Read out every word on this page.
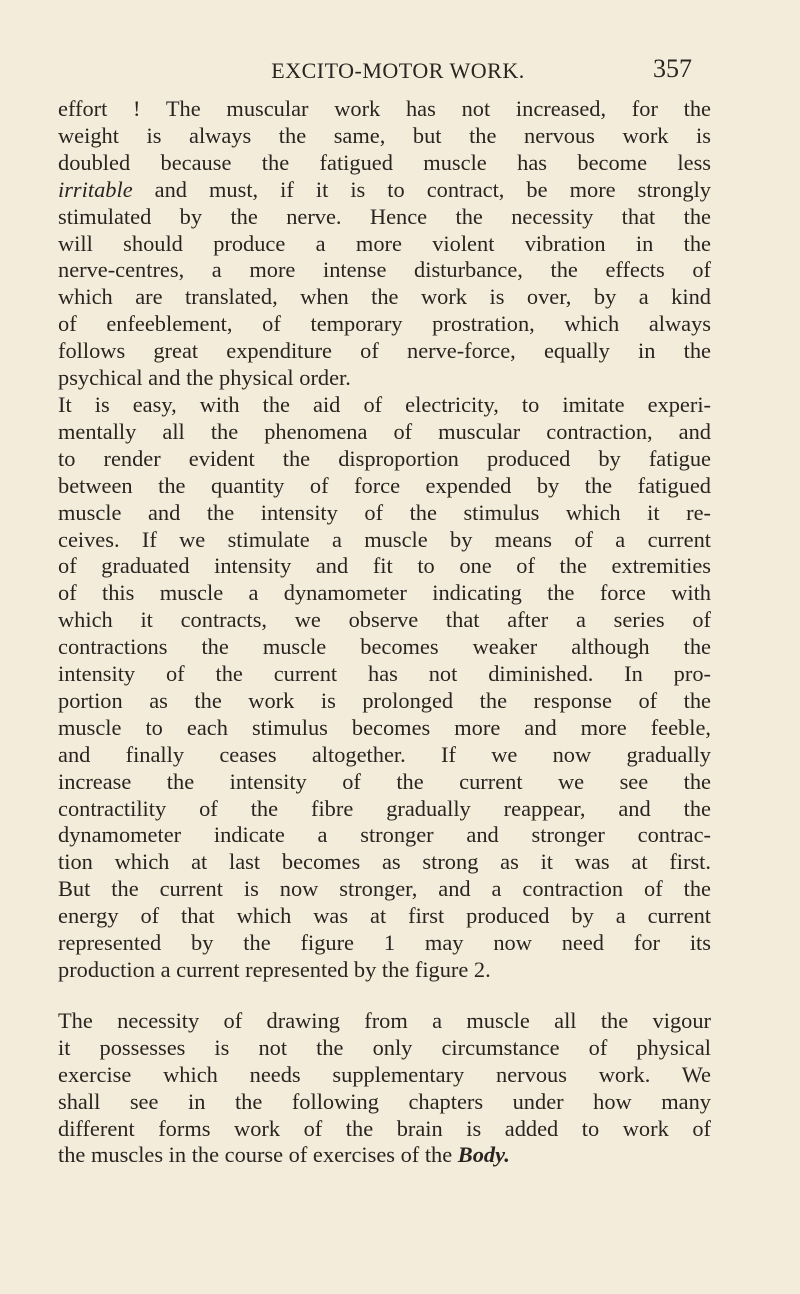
EXCITO-MOTOR WORK.	357

effort ! The muscular work has not increased, for the
weight is always the same, but the nervous work is
doubled because the fatigued muscle has become less
irritable and must, if it is to contract, be more strongly
stimulated by the nerve. Hence the necessity that the
will should produce a more violent vibration in the
nerve-centres, a more intense disturbance, the effects of
which are translated, when the work is over, by a kind
of enfeeblement, of temporary prostration, which always
follows great expenditure of nerve-force, equally in the
psychical and the physical order.

It is easy, with the aid of electricity, to imitate experi-
mentally all the phenomena of muscular contraction, and
to render evident the disproportion produced by fatigue
between the quantity of force expended by the fatigued
muscle and the intensity of the stimulus which it re-
ceives. If we stimulate a muscle by means of a current
of graduated intensity and fit to one of the extremities
of this muscle a dynamometer indicating the force with
which it contracts, we observe that after a series of
contractions the muscle becomes weaker although the
intensity of the current has not diminished. In pro-
portion as the work is prolonged the response of the
muscle to each stimulus becomes more and more feeble,
and finally ceases altogether. If we now gradually
increase the intensity of the current we see the
contractility of the fibre gradually reappear, and the
dynamometer indicate a stronger and stronger contrac-
tion which at last becomes as strong as it was at first.
But the current is now stronger, and a contraction of the
energy of that which was at first produced by a current
represented by the figure 1 may now need for its
production a current represented by the figure 2.

The necessity of drawing from a muscle all the vigour
it possesses is not the only circumstance of physical
exercise which needs supplementary nervous work. We
shall see in the following chapters under how many
different forms work of the brain is added to work of
the muscles in the course of exercises of the Body.
